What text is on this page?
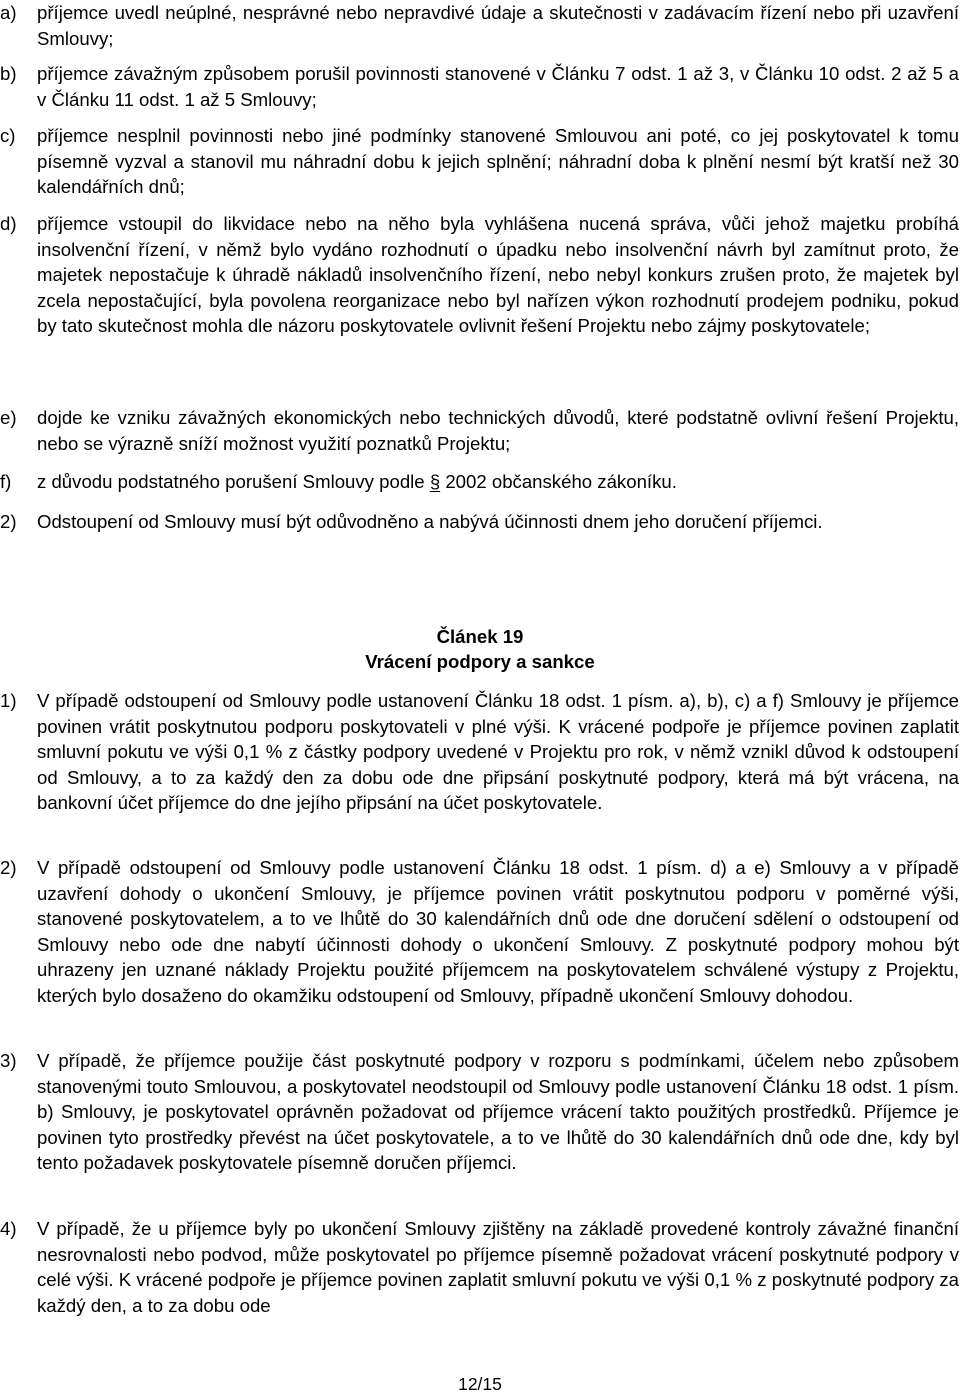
a) příjemce uvedl neúplné, nesprávné nebo nepravdivé údaje a skutečnosti v zadávacím řízení nebo při uzavření Smlouvy;
b) příjemce závažným způsobem porušil povinnosti stanovené v Článku 7 odst. 1 až 3, v Článku 10 odst. 2 až 5 a v Článku 11 odst. 1 až 5 Smlouvy;
c) příjemce nesplnil povinnosti nebo jiné podmínky stanovené Smlouvou ani poté, co jej poskytovatel k tomu písemně vyzval a stanovil mu náhradní dobu k jejich splnění; náhradní doba k plnění nesmí být kratší než 30 kalendářních dnů;
d) příjemce vstoupil do likvidace nebo na něho byla vyhlášena nucená správa, vůči jehož majetku probíhá insolvenční řízení, v němž bylo vydáno rozhodnutí o úpadku nebo insolvenční návrh byl zamítnut proto, že majetek nepostačuje k úhradě nákladů insolvenčního řízení, nebo nebyl konkurs zrušen proto, že majetek byl zcela nepostačující, byla povolena reorganizace nebo byl nařízen výkon rozhodnutí prodejem podniku, pokud by tato skutečnost mohla dle názoru poskytovatele ovlivnit řešení Projektu nebo zájmy poskytovatele;
e) dojde ke vzniku závažných ekonomických nebo technických důvodů, které podstatně ovlivní řešení Projektu, nebo se výrazně sníží možnost využití poznatků Projektu;
f) z důvodu podstatného porušení Smlouvy podle § 2002 občanského zákoníku.
2) Odstoupení od Smlouvy musí být odůvodněno a nabývá účinnosti dnem jeho doručení příjemci.
Článek 19
Vrácení podpory a sankce
1) V případě odstoupení od Smlouvy podle ustanovení Článku 18 odst. 1 písm. a), b), c) a f) Smlouvy je příjemce povinen vrátit poskytnutou podporu poskytovateli v plné výši. K vrácené podpoře je příjemce povinen zaplatit smluvní pokutu ve výši 0,1 % z částky podpory uvedené v Projektu pro rok, v němž vznikl důvod k odstoupení od Smlouvy, a to za každý den za dobu ode dne připsání poskytnuté podpory, která má být vrácena, na bankovní účet příjemce do dne jejího připsání na účet poskytovatele.
2) V případě odstoupení od Smlouvy podle ustanovení Článku 18 odst. 1 písm. d) a e) Smlouvy a v případě uzavření dohody o ukončení Smlouvy, je příjemce povinen vrátit poskytnutou podporu v poměrné výši, stanovené poskytovatelem, a to ve lhůtě do 30 kalendářních dnů ode dne doručení sdělení o odstoupení od Smlouvy nebo ode dne nabytí účinnosti dohody o ukončení Smlouvy. Z poskytnuté podpory mohou být uhrazeny jen uznané náklady Projektu použité příjemcem na poskytovatelem schválené výstupy z Projektu, kterých bylo dosaženo do okamžiku odstoupení od Smlouvy, případně ukončení Smlouvy dohodou.
3) V případě, že příjemce použije část poskytnuté podpory v rozporu s podmínkami, účelem nebo způsobem stanovenými touto Smlouvou, a poskytovatel neodstoupil od Smlouvy podle ustanovení Článku 18 odst. 1 písm. b) Smlouvy, je poskytovatel oprávněn požadovat od příjemce vrácení takto použitých prostředků. Příjemce je povinen tyto prostředky převést na účet poskytovatele, a to ve lhůtě do 30 kalendářních dnů ode dne, kdy byl tento požadavek poskytovatele písemně doručen příjemci.
4) V případě, že u příjemce byly po ukončení Smlouvy zjištěny na základě provedené kontroly závažné finanční nesrovnalosti nebo podvod, může poskytovatel po příjemce písemně požadovat vrácení poskytnuté podpory v celé výši. K vrácené podpoře je příjemce povinen zaplatit smluvní pokutu ve výši 0,1 % z poskytnuté podpory za každý den, a to za dobu ode
12/15
